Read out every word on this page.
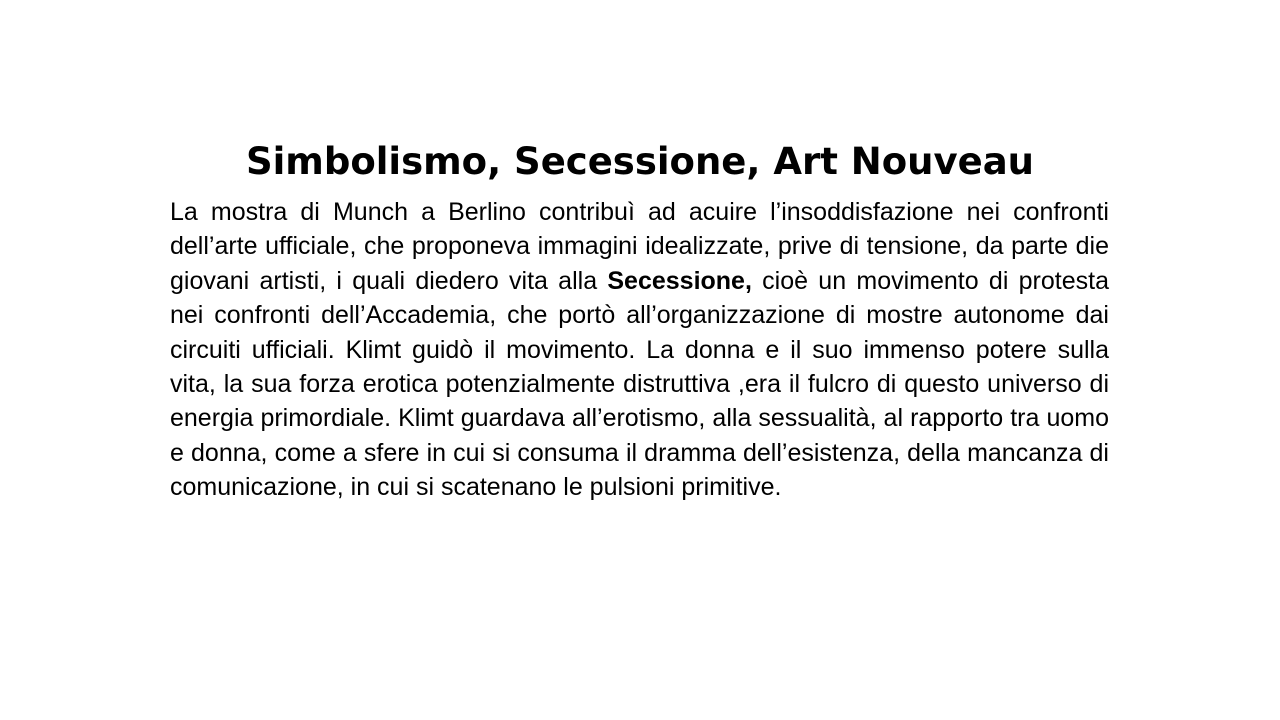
Simbolismo, Secessione, Art Nouveau

La mostra di Munch a Berlino contribuì ad acuire l’insoddisfazione nei confronti dell’arte ufficiale, che proponeva immagini idealizzate, prive di tensione, da parte die giovani artisti, i quali diedero vita alla Secessione, cioè un movimento di protesta nei confronti dell’Accademia, che portò all’organizzazione di mostre autonome dai circuiti ufficiali. Klimt guidò il movimento. La donna e il suo immenso potere sulla vita, la sua forza erotica potenzialmente distruttiva ,era il fulcro di questo universo di energia primordiale. Klimt guardava all’erotismo, alla sessualità, al rapporto tra uomo e donna, come a sfere in cui si consuma il dramma dell’esistenza, della mancanza di comunicazione, in cui si scatenano le pulsioni primitive.
